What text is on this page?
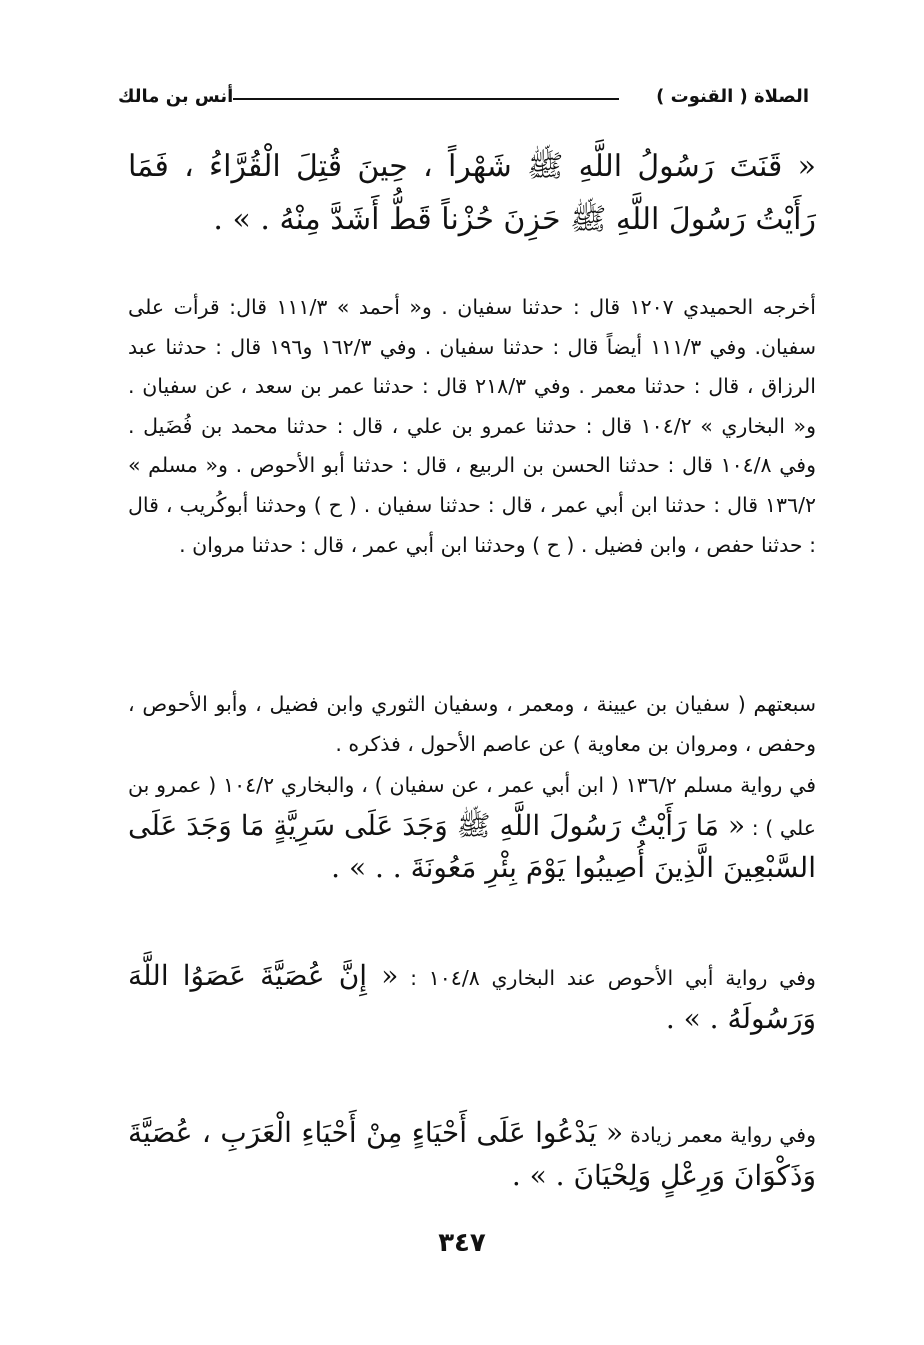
الصلاة ( القنوت )
أنس بن مالك

« قَنَتَ رَسُولُ اللَّهِ ﷺ شَهْراً ، حِينَ قُتِلَ الْقُرَّاءُ ، فَمَا رَأَيْتُ رَسُولَ اللَّهِ ﷺ حَزِنَ حُزْناً قَطُّ أَشَدَّ مِنْهُ . » .

أخرجه الحميدي ١٢٠٧ قال : حدثنا سفيان . و« أحمد » ١١١/٣ قال: قرأت على سفيان. وفي ١١١/٣ أيضاً قال : حدثنا سفيان . وفي ١٦٢/٣ و١٩٦ قال : حدثنا عبد الرزاق ، قال : حدثنا معمر . وفي ٢١٨/٣ قال : حدثنا عمر بن سعد ، عن سفيان . و« البخاري » ١٠٤/٢ قال : حدثنا عمرو بن علي ، قال : حدثنا محمد بن فُضَيل . وفي ١٠٤/٨ قال : حدثنا الحسن بن الربيع ، قال : حدثنا أبو الأحوص . و« مسلم » ١٣٦/٢ قال : حدثنا ابن أبي عمر ، قال : حدثنا سفيان . ( ح ) وحدثنا أبوكُريب ، قال : حدثنا حفص ، وابن فضيل . ( ح ) وحدثنا ابن أبي عمر ، قال : حدثنا مروان .

سبعتهم ( سفيان بن عيينة ، ومعمر ، وسفيان الثوري وابن فضيل ، وأبو الأحوص ، وحفص ، ومروان بن معاوية ) عن عاصم الأحول ، فذكره .

في رواية مسلم ١٣٦/٢ ( ابن أبي عمر ، عن سفيان ) ، والبخاري ١٠٤/٢ ( عمرو بن علي ) : « مَا رَأَيْتُ رَسُولَ اللَّهِ ﷺ وَجَدَ عَلَى سَرِيَّةٍ مَا وَجَدَ عَلَى السَّبْعِينَ الَّذِينَ أُصِيبُوا يَوْمَ بِئْرِ مَعُونَةَ . . » .

وفي رواية أبي الأحوص عند البخاري ١٠٤/٨ : « إِنَّ عُصَيَّةَ عَصَوُا اللَّهَ وَرَسُولَهُ . » .

وفي رواية معمر زيادة « يَدْعُوا عَلَى أَحْيَاءٍ مِنْ أَحْيَاءِ الْعَرَبِ ، عُصَيَّةَ وَذَكْوَانَ وَرِعْلٍ وَلِحْيَانَ . » .

٣٤٧
